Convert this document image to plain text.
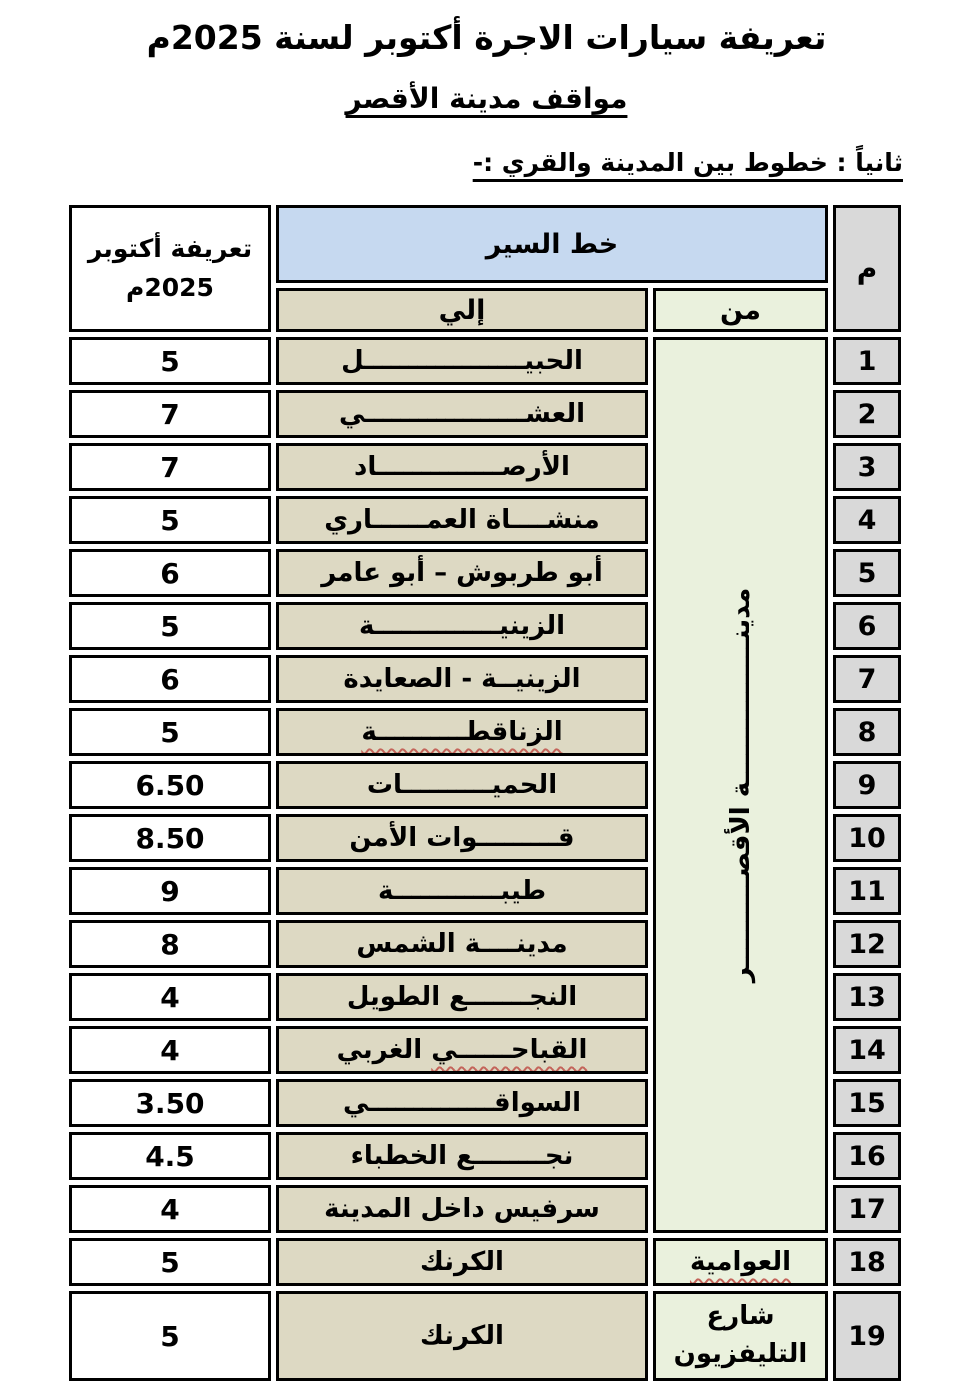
تعريفة سيارات الاجرة أكتوبر لسنة 2025م
مواقف مدينة الأقصر
ثانياً : خطوط بين المدينة والقري :-
م	خط السير		تعريفة أكتوبر
2025م

	من	إلي	
1	مدينــــــــــــــــة الأقصــــــــــر	الحبيــــــــــــــــــل	5
2		العشــــــــــــــــــي	7
3		الأرصــــــــــــــاد	7
4		منشــــاة العمــــــاري	5
5		أبو طربوش – أبو عامر	6
6		الزينيــــــــــــــة	5
7		الزينيــة - الصعايدة	6
8		الزناقطــــــــــة	5
9		الحميــــــــــات	6.50
10		قـــــــــوات الأمن	8.50
11		طيبــــــــــــة	9
12		مدينــــة الشمس	8
13		النجـــــــع الطويل	4
14		القباحــــــي الغربي	4
15		السواقــــــــــــــي	3.50
16		نجــــــــع الخطباء	4.5
17		سرفيس داخل المدينة	4
18	العوامية	الكرنك	5
19	شارع التليفزيون	الكرنك	5
